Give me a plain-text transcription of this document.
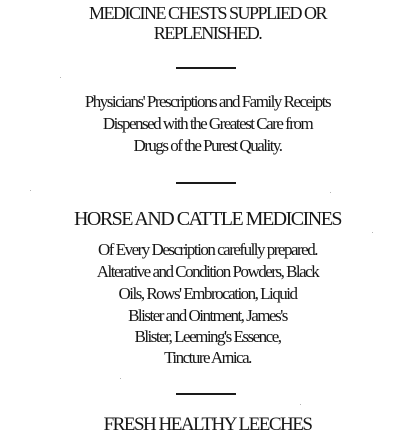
MEDICINE CHESTS SUPPLIED OR
REPLENISHED.
Physicians' Prescriptions and Family Receipts
Dispensed with the Greatest Care from
Drugs of the Purest Quality.
HORSE AND CATTLE MEDICINES
Of Every Description carefully prepared.
Alterative and Condition Powders, Black
Oils, Rows' Embrocation, Liquid
Blister and Ointment, James's
Blister, Leeming's Essence,
Tincture Arnica.
FRESH HEALTHY LEECHES
